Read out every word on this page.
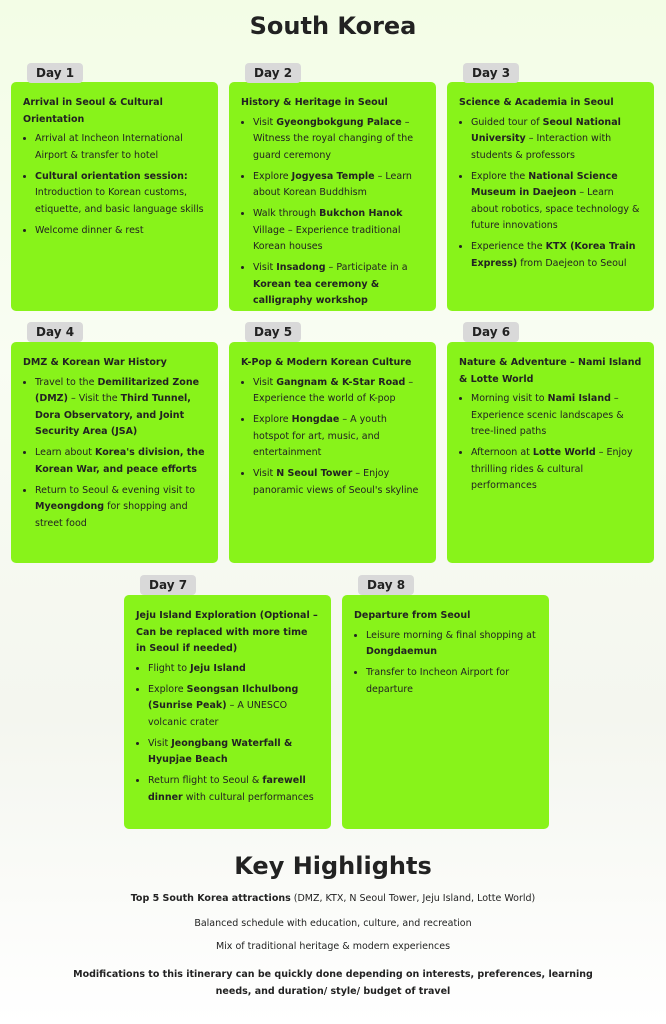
South Korea
Day 1	Day 2	Day 3
Day 4	Day 5	Day 6
Day 7	Day 8
Arrival in Seoul & Cultural Orientation
• Arrival at Incheon International Airport & transfer to hotel
• Cultural orientation session: Introduction to Korean customs, etiquette, and basic language skills
• Welcome dinner & rest
History & Heritage in Seoul
• Visit Gyeongbokgung Palace – Witness the royal changing of the guard ceremony
• Explore Jogyesa Temple – Learn about Korean Buddhism
• Walk through Bukchon Hanok Village – Experience traditional Korean houses
• Visit Insadong – Participate in a Korean tea ceremony & calligraphy workshop
Science & Academia in Seoul
• Guided tour of Seoul National University – Interaction with students & professors
• Explore the National Science Museum in Daejeon – Learn about robotics, space technology & future innovations
• Experience the KTX (Korea Train Express) from Daejeon to Seoul
DMZ & Korean War History
• Travel to the Demilitarized Zone (DMZ) – Visit the Third Tunnel, Dora Observatory, and Joint Security Area (JSA)
• Learn about Korea's division, the Korean War, and peace efforts
• Return to Seoul & evening visit to Myeongdong for shopping and street food
K-Pop & Modern Korean Culture
• Visit Gangnam & K-Star Road – Experience the world of K-pop
• Explore Hongdae – A youth hotspot for art, music, and entertainment
• Visit N Seoul Tower – Enjoy panoramic views of Seoul's skyline
Nature & Adventure – Nami Island & Lotte World
• Morning visit to Nami Island – Experience scenic landscapes & tree-lined paths
• Afternoon at Lotte World – Enjoy thrilling rides & cultural performances
Jeju Island Exploration (Optional – Can be replaced with more time in Seoul if needed)
• Flight to Jeju Island
• Explore Seongsan Ilchulbong (Sunrise Peak) – A UNESCO volcanic crater
• Visit Jeongbang Waterfall & Hyupjae Beach
• Return flight to Seoul & farewell dinner with cultural performances
Departure from Seoul
• Leisure morning & final shopping at Dongdaemun
• Transfer to Incheon Airport for departure
Key Highlights
Top 5 South Korea attractions (DMZ, KTX, N Seoul Tower, Jeju Island, Lotte World)
Balanced schedule with education, culture, and recreation
Mix of traditional heritage & modern experiences
Modifications to this itinerary can be quickly done depending on interests, preferences, learning needs, and duration/ style/ budget of travel
